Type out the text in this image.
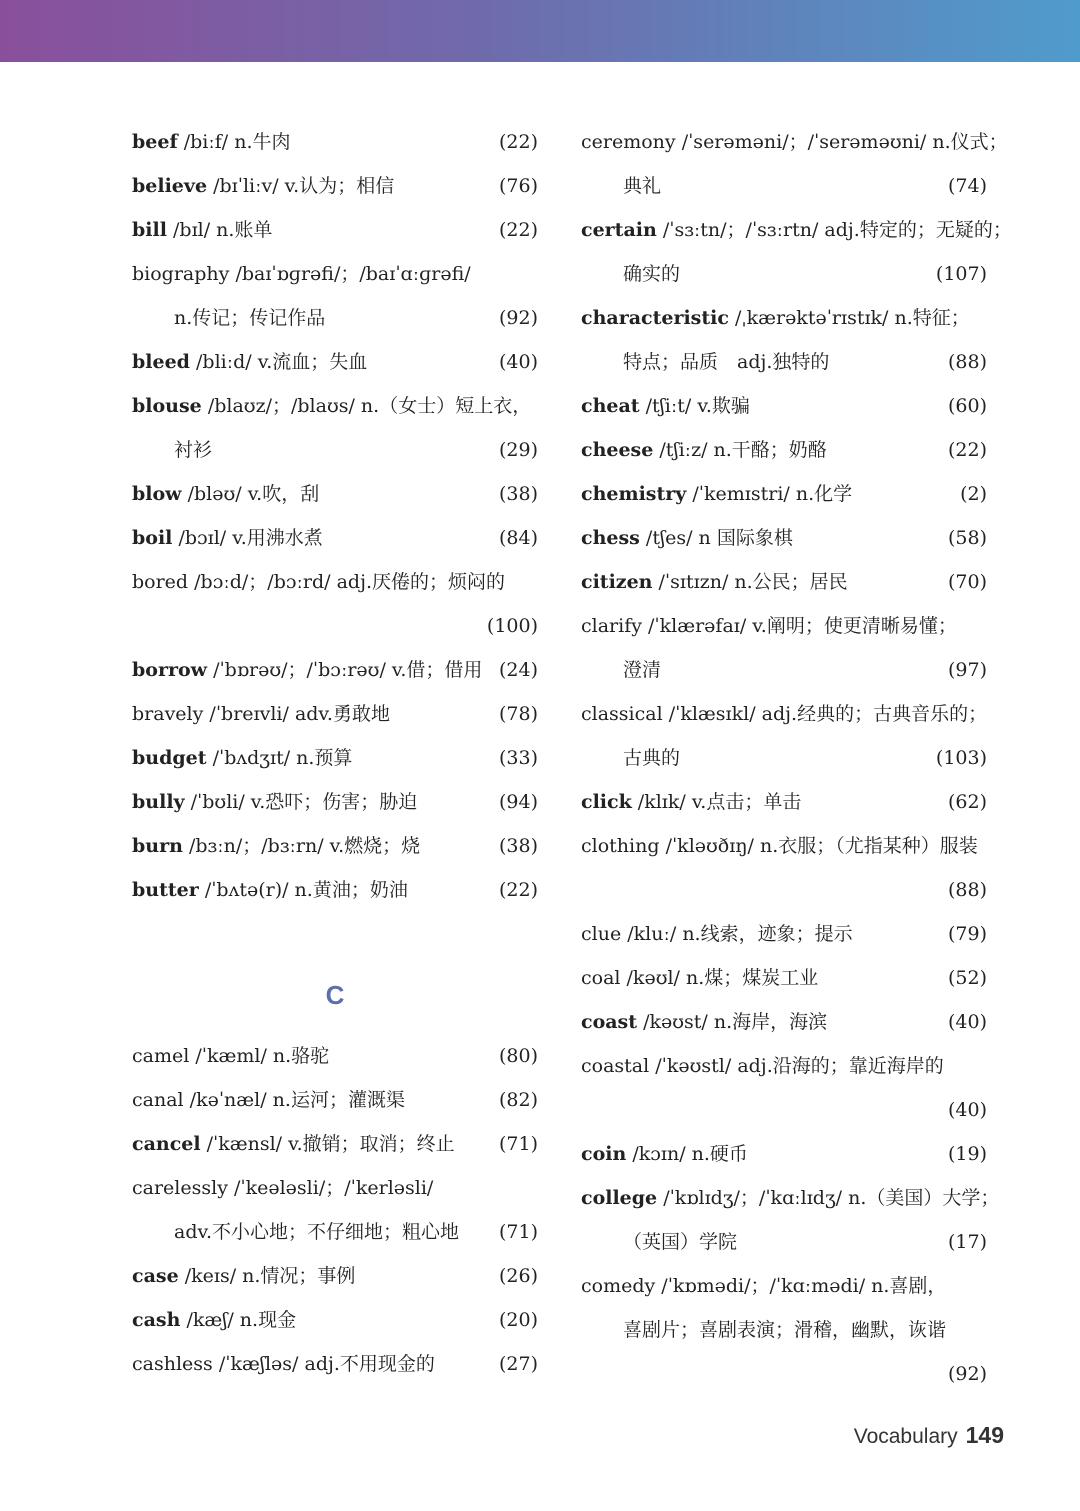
beef /biːf/ n.牛肉	(22)
believe /bɪˈliːv/ v.认为；相信	(76)
bill /bɪl/ n.账单	(22)
biography /baɪˈɒɡrəfi/；/baɪˈɑːɡrəfi/
n.传记；传记作品	(92)
bleed /bliːd/ v.流血；失血	(40)
blouse /blaʊz/；/blaʊs/ n.（女士）短上衣，
衬衫	(29)
blow /bləʊ/ v.吹，刮	(38)
boil /bɔɪl/ v.用沸水煮	(84)
bored /bɔːd/；/bɔːrd/ adj.厌倦的；烦闷的
(100)
borrow /ˈbɒrəʊ/；/ˈbɔːrəʊ/ v.借；借用 (24)
bravely /ˈbreɪvli/ adv.勇敢地	(78)
budget /ˈbʌdʒɪt/ n.预算	(33)
bully /ˈbʊli/ v.恐吓；伤害；胁迫	(94)
burn /bɜːn/；/bɜːrn/ v.燃烧；烧	(38)
butter /ˈbʌtə(r)/ n.黄油；奶油	(22)
C
camel /ˈkæml/ n.骆驼	(80)
canal /kəˈnæl/ n.运河；灌溉渠	(82)
cancel /ˈkænsl/ v.撤销；取消；终止 (71)
carelessly /ˈkeələsli/；/ˈkerləsli/
adv.不小心地；不仔细地；粗心地 (71)
case /keɪs/ n.情况；事例	(26)
cash /kæʃ/ n.现金	(20)
cashless /ˈkæʃləs/ adj.不用现金的	(27)
ceremony /ˈserəməni/；/ˈserəməʊni/ n.仪式；
典礼	(74)
certain /ˈsɜːtn/；/ˈsɜːrtn/ adj.特定的；无疑的；
确实的	(107)
characteristic /ˌkærəktəˈrɪstɪk/ n.特征；
特点；品质　adj.独特的	(88)
cheat /tʃiːt/ v.欺骗	(60)
cheese /tʃiːz/ n.干酪；奶酪	(22)
chemistry /ˈkemɪstri/ n.化学	(2)
chess /tʃes/ n 国际象棋	(58)
citizen /ˈsɪtɪzn/ n.公民；居民	(70)
clarify /ˈklærəfaɪ/ v.阐明；使更清晰易懂；
澄清	(97)
classical /ˈklæsɪkl/ adj.经典的；古典音乐的；
古典的	(103)
click /klɪk/ v.点击；单击	(62)
clothing /ˈkləʊðɪŋ/ n.衣服；（尤指某种）服装
(88)
clue /kluː/ n.线索，迹象；提示	(79)
coal /kəʊl/ n.煤；煤炭工业	(52)
coast /kəʊst/ n.海岸，海滨	(40)
coastal /ˈkəʊstl/ adj.沿海的；靠近海岸的
(40)
coin /kɔɪn/ n.硬币	(19)
college /ˈkɒlɪdʒ/；/ˈkɑːlɪdʒ/ n.（美国）大学；
（英国）学院	(17)
comedy /ˈkɒmədi/；/ˈkɑːmədi/ n.喜剧，
喜剧片；喜剧表演；滑稽，幽默，诙谐
(92)
Vocabulary 149
